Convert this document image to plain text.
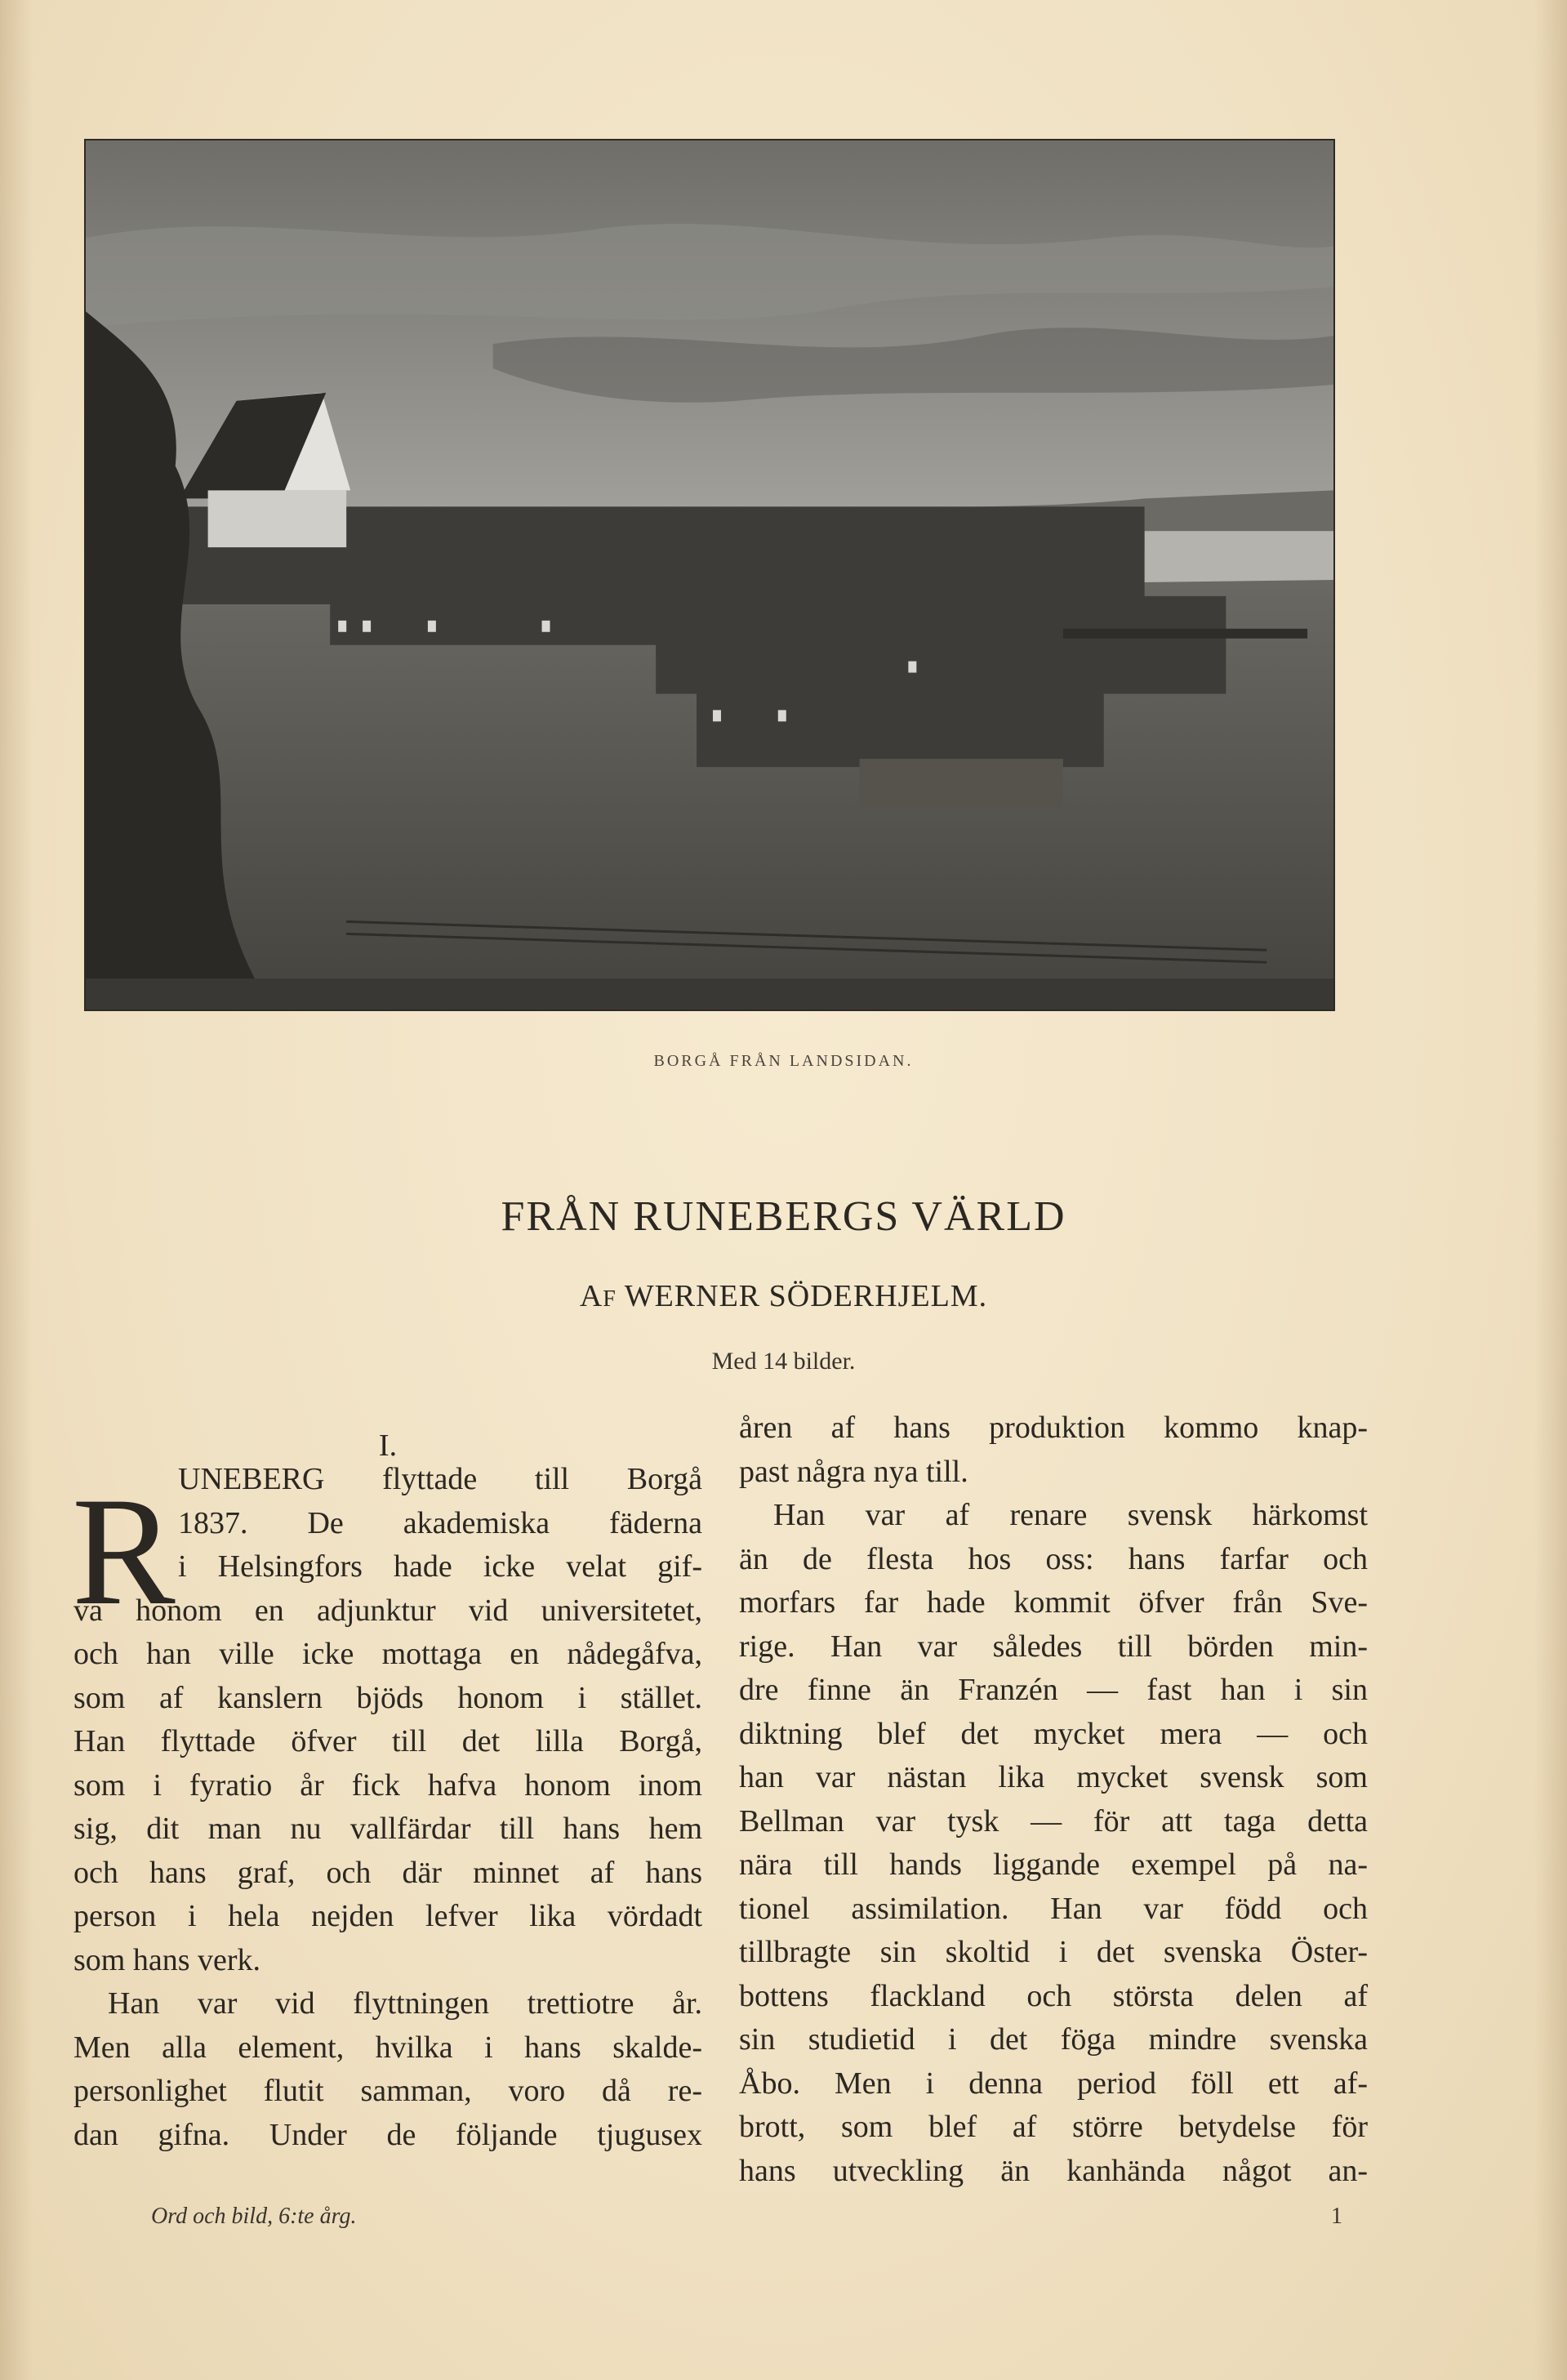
BORGÅ FRÅN LANDSIDAN.
FRÅN RUNEBERGS VÄRLD
AF WERNER SÖDERHJELM.
Med 14 bilder.
I.
R UNEBERG flyttade till Borgå
1837. De akademiska fäderna
i Helsingfors hade icke velat gif-
va honom en adjunktur vid universitetet,
och han ville icke mottaga en nådegåfva,
som af kanslern bjöds honom i stället.
Han flyttade öfver till det lilla Borgå,
som i fyratio år fick hafva honom inom
sig, dit man nu vallfärdar till hans hem
och hans graf, och där minnet af hans
person i hela nejden lefver lika vördadt
som hans verk.
Han var vid flyttningen trettiotre år.
Men alla element, hvilka i hans skalde-
personlighet flutit samman, voro då re-
dan gifna. Under de följande tjugusex
åren af hans produktion kommo knap-
past några nya till.
Han var af renare svensk härkomst
än de flesta hos oss: hans farfar och
morfars far hade kommit öfver från Sve-
rige. Han var således till börden min-
dre finne än Franzén — fast han i sin
diktning blef det mycket mera — och
han var nästan lika mycket svensk som
Bellman var tysk — för att taga detta
nära till hands liggande exempel på na-
tionel assimilation. Han var född och
tillbragte sin skoltid i det svenska Öster-
bottens flackland och största delen af
sin studietid i det föga mindre svenska
Åbo. Men i denna period föll ett af-
brott, som blef af större betydelse för
hans utveckling än kanhända något an-
Ord och bild, 6:te årg.	1
